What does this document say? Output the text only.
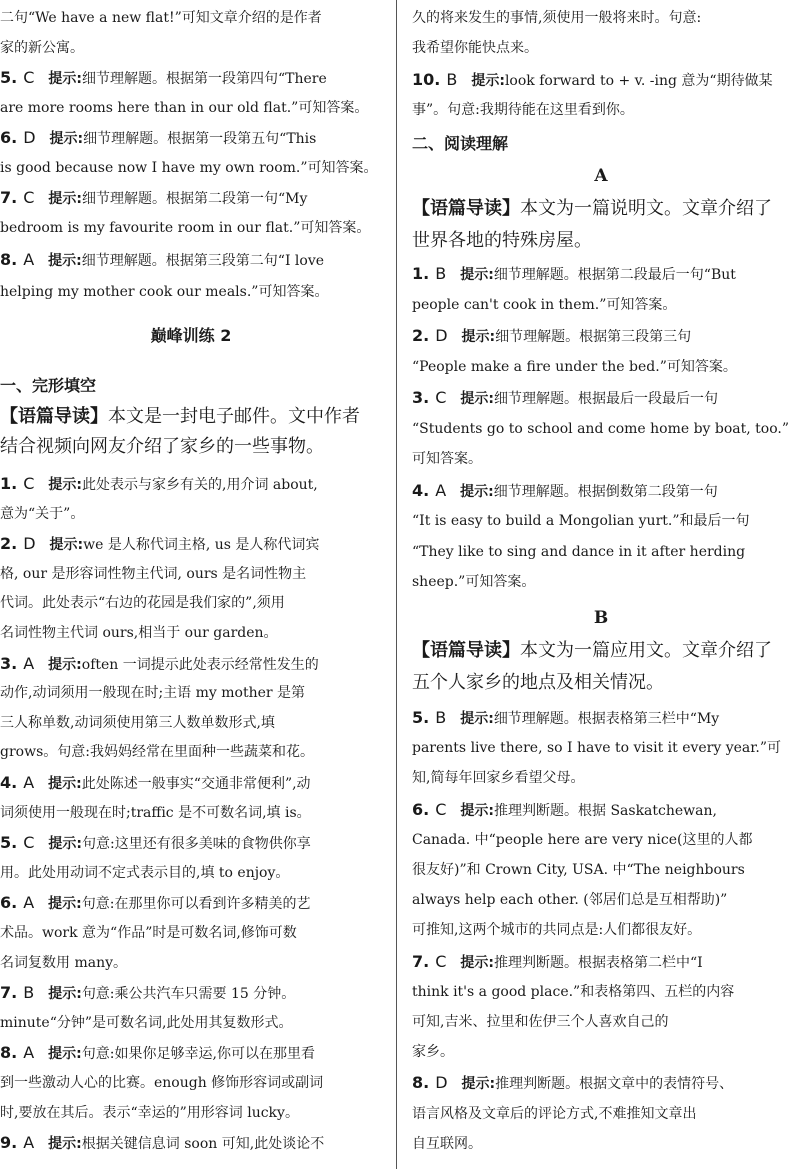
二句“We have a new flat!”可知文章介绍的是作者
家的新公寓。
5. C 提示:细节理解题。根据第一段第四句“There
are more rooms here than in our old flat.”可知答案。
6. D 提示:细节理解题。根据第一段第五句“This
is good because now I have my own room.”可知答案。
7. C 提示:细节理解题。根据第二段第一句“My
bedroom is my favourite room in our flat.”可知答案。
8. A 提示:细节理解题。根据第三段第二句“I love
helping my mother cook our meals.”可知答案。
巅峰训练 2
一、完形填空
【语篇导读】本文是一封电子邮件。文中作者
结合视频向网友介绍了家乡的一些事物。
1. C 提示:此处表示与家乡有关的,用介词 about,
意为“关于”。
2. D 提示:we 是人称代词主格, us 是人称代词宾
格, our 是形容词性物主代词, ours 是名词性物主
代词。此处表示“右边的花园是我们家的”,须用
名词性物主代词 ours,相当于 our garden。
3. A 提示:often 一词提示此处表示经常性发生的
动作,动词须用一般现在时;主语 my mother 是第
三人称单数,动词须使用第三人数单数形式,填
grows。句意:我妈妈经常在里面种一些蔬菜和花。
4. A 提示:此处陈述一般事实“交通非常便利”,动
词须使用一般现在时;traffic 是不可数名词,填 is。
5. C 提示:句意:这里还有很多美味的食物供你享
用。此处用动词不定式表示目的,填 to enjoy。
6. A 提示:句意:在那里你可以看到许多精美的艺
术品。work 意为“作品”时是可数名词,修饰可数
名词复数用 many。
7. B 提示:句意:乘公共汽车只需要 15 分钟。
minute“分钟”是可数名词,此处用其复数形式。
8. A 提示:句意:如果你足够幸运,你可以在那里看
到一些激动人心的比赛。enough 修饰形容词或副词
时,要放在其后。表示“幸运的”用形容词 lucky。
9. A 提示:根据关键信息词 soon 可知,此处谈论不
久的将来发生的事情,须使用一般将来时。句意:
我希望你能快点来。
10. B 提示:look forward to + v. -ing 意为“期待做某
事”。句意:我期待能在这里看到你。
二、阅读理解
A
【语篇导读】本文为一篇说明文。文章介绍了
世界各地的特殊房屋。
1. B 提示:细节理解题。根据第二段最后一句“But
people can't cook in them.”可知答案。
2. D 提示:细节理解题。根据第三段第三句
“People make a fire under the bed.”可知答案。
3. C 提示:细节理解题。根据最后一段最后一句
“Students go to school and come home by boat, too.”
可知答案。
4. A 提示:细节理解题。根据倒数第二段第一句
“It is easy to build a Mongolian yurt.”和最后一句
“They like to sing and dance in it after herding
sheep.”可知答案。
B
【语篇导读】本文为一篇应用文。文章介绍了
五个人家乡的地点及相关情况。
5. B 提示:细节理解题。根据表格第三栏中“My
parents live there, so I have to visit it every year.”可
知,简每年回家乡看望父母。
6. C 提示:推理判断题。根据 Saskatchewan,
Canada. 中“people here are very nice(这里的人都
很友好)”和 Crown City, USA. 中“The neighbours
always help each other. (邻居们总是互相帮助)”
可推知,这两个城市的共同点是:人们都很友好。
7. C 提示:推理判断题。根据表格第二栏中“I
think it's a good place.”和表格第四、五栏的内容
可知,吉米、拉里和佐伊三个人喜欢自己的
家乡。
8. D 提示:推理判断题。根据文章中的表情符号、
语言风格及文章后的评论方式,不难推知文章出
自互联网。
